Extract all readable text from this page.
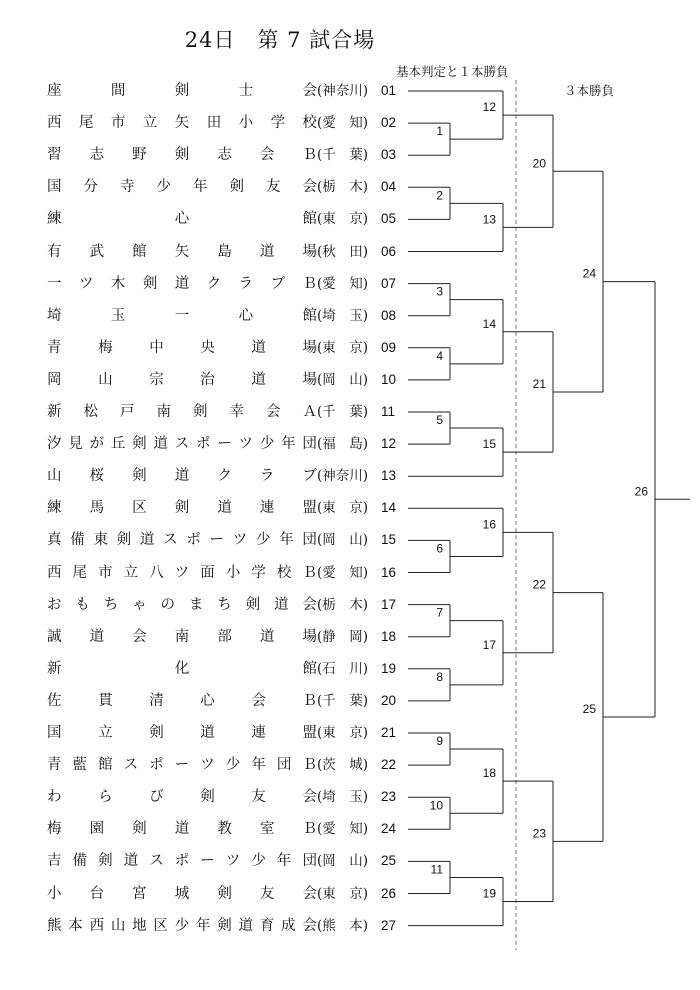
24日　第 7 試合場
基本判定と１本勝負
３本勝負
座	間	剣	士	会 (神奈川) 01
西 尾 市 立 矢 田 小 学 校 (愛　知) 02
習 志 野 剣 志 会 Ｂ (千　葉) 03
国 分 寺 少 年 剣 友 会 (栃　木) 04
練	心	館 (東　京) 05
有 武 館 矢 島 道 場 (秋　田) 06
一 ツ 木 剣 道 ク ラ ブ Ｂ (愛　知) 07
埼	玉	一	心	館 (埼　玉) 08
青	梅	中	央	道	場 (東　京) 09
岡	山	宗	治	道	場 (岡　山) 10
新 松 戸 南 剣 幸 会 Ａ (千　葉) 11
汐 見 が 丘 剣 道 ス ポ ー ツ 少 年 団 (福　島) 12
山 桜 剣 道 ク ラ ブ (神奈川) 13
練 馬 区 剣 道 連 盟 (東　京) 14
真 備 東 剣 道 ス ポ ー ツ 少 年 団 (岡　山) 15
西 尾 市 立 八 ツ 面 小 学 校 Ｂ (愛　知) 16
お も ち ゃ の ま ち 剣 道 会 (栃　木) 17
誠 道 会 南 部 道 場 (静　岡) 18
新	化	館 (石　川) 19
佐	貫	清	心	会	Ｂ (千　葉) 20
国	立	剣	道	連	盟 (東　京) 21
青 藍 館 ス ポ ー ツ 少 年 団 Ｂ (茨　城) 22
わ	ら	び	剣	友	会 (埼　玉) 23
梅 園 剣 道 教 室 Ｂ (愛　知) 24
吉 備 剣 道 ス ポ ー ツ 少 年 団 (岡　山) 25
小 台 宮 城 剣 友 会 (東　京) 26
熊 本 西 山 地 区 少 年 剣 道 育 成 会 (熊　本) 27
1
2
3
4
5
6
7
8
9
10
11
12
13
14
15
16
17
18
19
20
21
22
23
24
25
26
